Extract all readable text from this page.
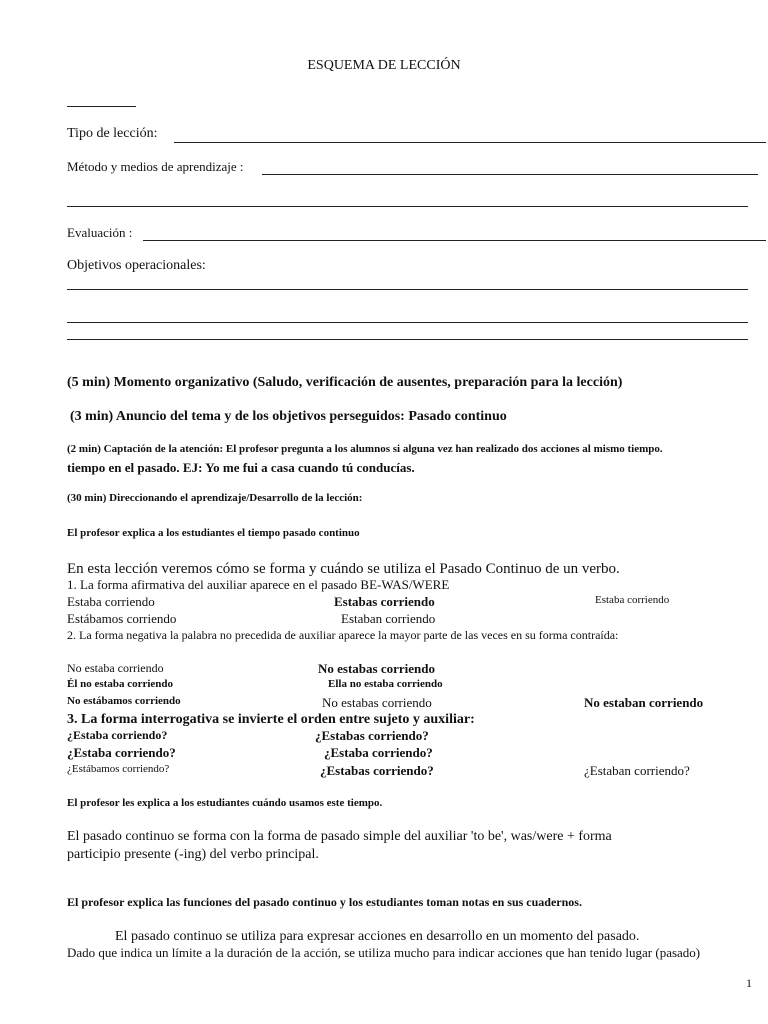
ESQUEMA DE LECCIÓN
Tipo de lección:
Método y medios de aprendizaje :
Evaluación :
Objetivos operacionales:
(5 min) Momento organizativo (Saludo, verificación de ausentes, preparación para la lección)
(3 min) Anuncio del tema y de los objetivos perseguidos: Pasado continuo
(2 min) Captación de la atención: El profesor pregunta a los alumnos si alguna vez han realizado dos acciones al mismo tiempo.
tiempo en el pasado. EJ: Yo me fui a casa cuando tú conducías.
(30 min) Direccionando el aprendizaje/Desarrollo de la lección:
El profesor explica a los estudiantes el tiempo pasado continuo
En esta lección veremos cómo se forma y cuándo se utiliza el Pasado Continuo de un verbo.
1. La forma afirmativa del auxiliar aparece en el pasado BE-WAS/WERE
Estaba corriendo	Estabas corriendo	Estaba corriendo
Estábamos corriendo	Estaban corriendo
2. La forma negativa la palabra no precedida de auxiliar aparece la mayor parte de las veces en su forma contraída:
No estaba corriendo	No estabas corriendo
Él no estaba corriendo	Ella no estaba corriendo
No estábamos corriendo	No estabas corriendo	No estaban corriendo
3. La forma interrogativa se invierte el orden entre sujeto y auxiliar:
¿Estaba corriendo?	¿Estabas corriendo?
¿Estaba corriendo?	¿Estaba corriendo?
¿Estábamos corriendo?	¿Estabas corriendo?	¿Estaban corriendo?
El profesor les explica a los estudiantes cuándo usamos este tiempo.
El pasado continuo se forma con la forma de pasado simple del auxiliar 'to be', was/were + forma
participio presente (-ing) del verbo principal.
El profesor explica las funciones del pasado continuo y los estudiantes toman notas en sus cuadernos.
El pasado continuo se utiliza para expresar acciones en desarrollo en un momento del pasado.
Dado que indica un límite a la duración de la acción, se utiliza mucho para indicar acciones que han tenido lugar (pasado)
1
